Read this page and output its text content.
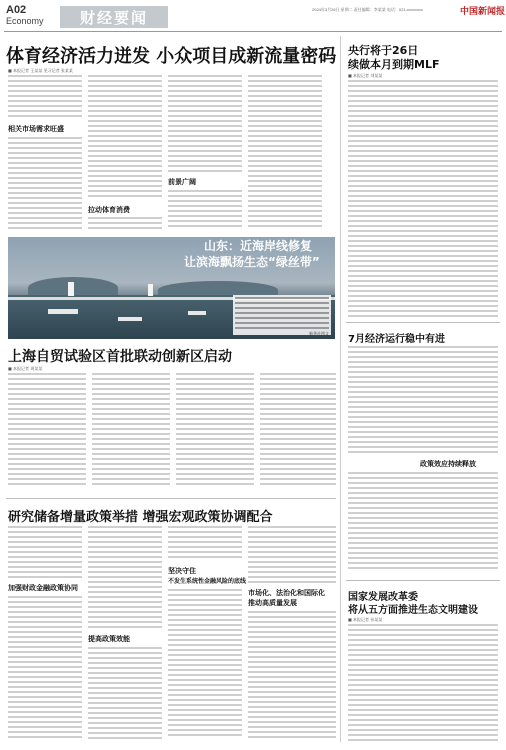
A02
Economy	财经要闻	2024年3月26日 星期二 责任编辑：李某某 电话：021-xxxxxxxx	中国新闻报
体育经济活力迸发 小众项目成新流量密码
■ 本报记者 王某某 见习记者 张某某
相关市场需求旺盛
拉动体育消费
前景广阔
央行将于26日
续做本月到期MLF
■ 本报记者 刘某某
7月经济运行稳中有进
政策效应持续释放
国家发展改革委
将从五方面推进生态文明建设
■ 本报记者 孙某某
山东：近海岸线修复
让滨海飘扬生态“绿丝带”
新华社图文
上海自贸试验区首批联动创新区启动
■ 本报记者 周某某
研究储备增量政策举措 增强宏观政策协调配合
加强财政金融政策协同
提高政策效能
坚决守住
不发生系统性金融风险的底线
市场化、法治化和国际化
推动高质量发展
